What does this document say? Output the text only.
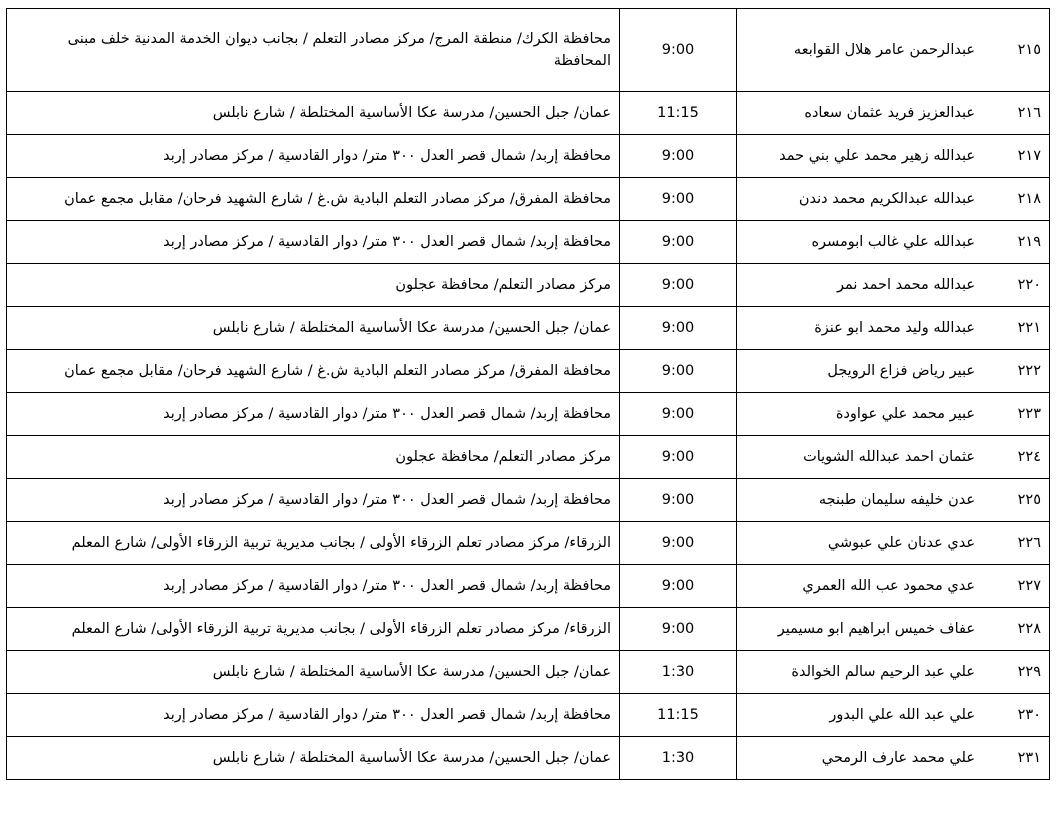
٢١٥	عبدالرحمن عامر هلال القوابعه	9:00	محافظة الكرك/ منطقة المرج/ مركز مصادر التعلم / بجانب ديوان الخدمة المدنية خلف مبنى المحافظة
٢١٦	عبدالعزيز فريد عثمان سعاده	11:15	عمان/ جبل الحسين/ مدرسة عكا الأساسية المختلطة / شارع نابلس
٢١٧	عبدالله زهير محمد علي بني حمد	9:00	محافظة إربد/ شمال قصر العدل ٣٠٠ متر/ دوار القادسية / مركز مصادر إربد
٢١٨	عبدالله عبدالكريم محمد دندن	9:00	محافظة المفرق/ مركز مصادر التعلم البادية ش.غ / شارع الشهيد فرحان/ مقابل مجمع عمان
٢١٩	عبدالله علي غالب ابومسره	9:00	محافظة إربد/ شمال قصر العدل ٣٠٠ متر/ دوار القادسية / مركز مصادر إربد
٢٢٠	عبدالله محمد احمد نمر	9:00	مركز مصادر التعلم/ محافظة عجلون
٢٢١	عبدالله وليد محمد ابو عنزة	9:00	عمان/ جبل الحسين/ مدرسة عكا الأساسية المختلطة / شارع نابلس
٢٢٢	عبير رياض فزاع الرويجل	9:00	محافظة المفرق/ مركز مصادر التعلم البادية ش.غ / شارع الشهيد فرحان/ مقابل مجمع عمان
٢٢٣	عبير محمد علي عواودة	9:00	محافظة إربد/ شمال قصر العدل ٣٠٠ متر/ دوار القادسية / مركز مصادر إربد
٢٢٤	عثمان احمد عبدالله الشويات	9:00	مركز مصادر التعلم/ محافظة عجلون
٢٢٥	عدن خليفه سليمان طبنجه	9:00	محافظة إربد/ شمال قصر العدل ٣٠٠ متر/ دوار القادسية / مركز مصادر إربد
٢٢٦	عدي عدنان علي عبوشي	9:00	الزرقاء/ مركز مصادر تعلم الزرقاء الأولى / بجانب مديرية تربية الزرقاء الأولى/ شارع المعلم
٢٢٧	عدي محمود عب الله العمري	9:00	محافظة إربد/ شمال قصر العدل ٣٠٠ متر/ دوار القادسية / مركز مصادر إربد
٢٢٨	عفاف خميس ابراهيم ابو مسيمير	9:00	الزرقاء/ مركز مصادر تعلم الزرقاء الأولى / بجانب مديرية تربية الزرقاء الأولى/ شارع المعلم
٢٢٩	علي عبد الرحيم سالم الخوالدة	1:30	عمان/ جبل الحسين/ مدرسة عكا الأساسية المختلطة / شارع نابلس
٢٣٠	علي عبد الله علي البدور	11:15	محافظة إربد/ شمال قصر العدل ٣٠٠ متر/ دوار القادسية / مركز مصادر إربد
٢٣١	علي محمد عارف الرمحي	1:30	عمان/ جبل الحسين/ مدرسة عكا الأساسية المختلطة / شارع نابلس
